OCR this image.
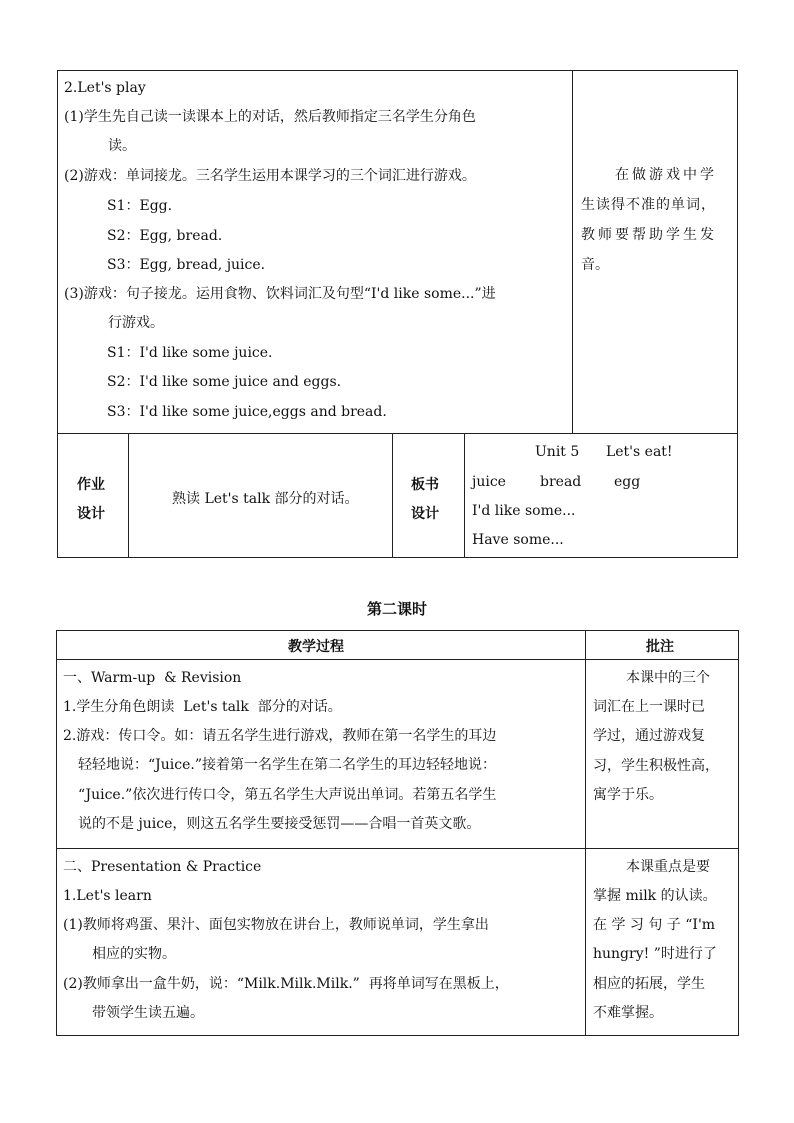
2.Let's play
(1)学生先自己读一读课本上的对话，然后教师指定三名学生分角色
读。
(2)游戏：单词接龙。三名学生运用本课学习的三个词汇进行游戏。
S1：Egg.
S2：Egg, bread.
S3：Egg, bread, juice.
(3)游戏：句子接龙。运用食物、饮料词汇及句型“I'd like some...”进
行游戏。
S1：I'd like some juice.
S2：I'd like some juice and eggs.
S3：I'd like some juice,eggs and bread.
在做游戏中学
生读得不准的单词，
教师要帮助学生发
音。
作业
设计
熟读 Let's talk 部分的对话。
板书
设计
Unit 5      Let's eat!
juice bread egg
I'd like some...
Have some...
第二课时
教学过程	批注
一、Warm-up  & Revision
1.学生分角色朗读  Let's talk  部分的对话。
2.游戏：传口令。如：请五名学生进行游戏，教师在第一名学生的耳边
轻轻地说：“Juice.”接着第一名学生在第二名学生的耳边轻轻地说：
“Juice.”依次进行传口令，第五名学生大声说出单词。若第五名学生
说的不是 juice，则这五名学生要接受惩罚——合唱一首英文歌。
本课中的三个
词汇在上一课时已
学过，通过游戏复
习，学生积极性高，
寓学于乐。
二、Presentation & Practice
1.Let's learn
(1)教师将鸡蛋、果汁、面包实物放在讲台上，教师说单词，学生拿出
相应的实物。
(2)教师拿出一盒牛奶，说：“Milk.Milk.Milk.”  再将单词写在黑板上，
带领学生读五遍。
本课重点是要
掌握 milk 的认读。
在 学 习 句 子 “I'm
hungry! ”时进行了
相应的拓展，学生
不难掌握。
